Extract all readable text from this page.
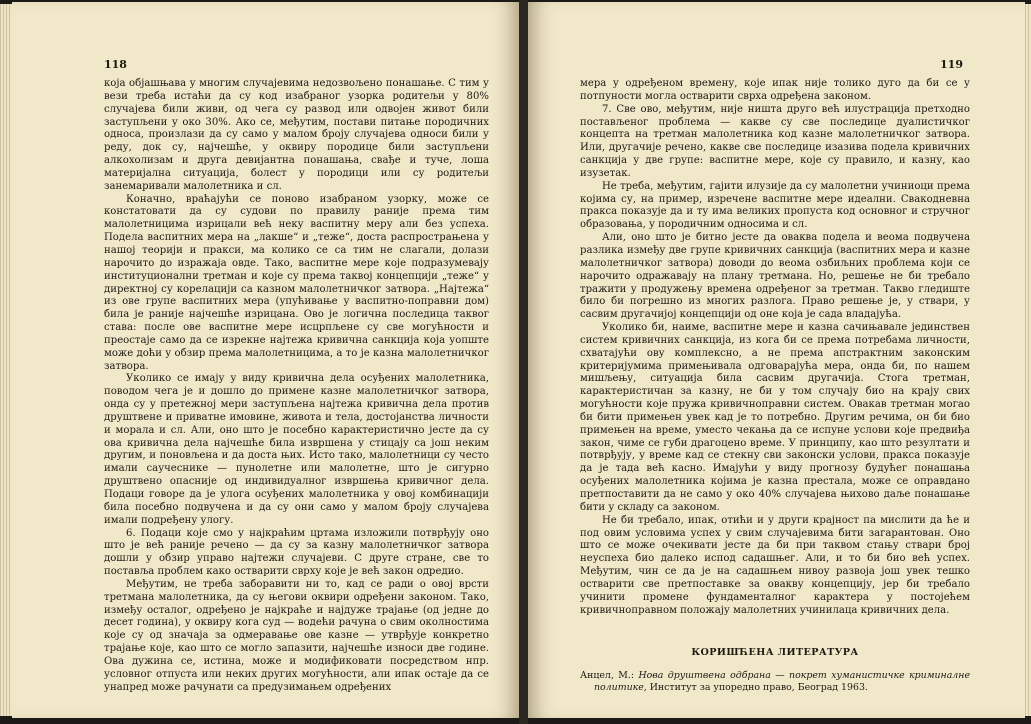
118

која објашњава у многим случајевима недозвољено понашање. С тим у вези треба истаћи да су код изабраног узорка родитељи у 80% случајева били живи, од чега су развод или одвојен живот били заступљени у око 30%. Ако се, међутим, постави питање породичних односа, произлази да су само у малом броју случајева односи били у реду, док су, најчешће, у оквиру породице били заступљени алкохолизам и друга девијантна понашања, свађе и туче, лоша материјална ситуација, болест у породици или су родитељи занемаривали малолетника и сл.

Коначно, враћајући се поново изабраном узорку, може се констатовати да су судови по правилу раније према тим малолетницима изрицали већ неку васпитну меру али без успеха. Подела васпитних мера на „лакше“ и „теже“, доста распрострањена у нашој теорији и пракси, ма колико се са тим не слагали, долази нарочито до изражаја овде. Тако, васпитне мере које подразумевају институционални третман и које су према таквој концепцији „теже“ у директној су корелацији са казном малолетничког затвора. „Најтежа“ из ове групе васпитних мера (упућивање у васпитно-поправни дом) била је раније најчешће изрицана. Ово је логична последица таквог става: после ове васпитне мере исцрпљене су све могућности и преостаје само да се изрекне најтежа кривична санкција која уопште може доћи у обзир према малолетницима, а то је казна малолетничког затвора.

Уколико се имају у виду кривична дела осуђених малолетника, поводом чега је и дошло до примене казне малолетничког затвора, онда су у претежној мери заступљена најтежа кривична дела против друштвене и приватне имовине, живота и тела, достојанства личности и морала и сл. Али, оно што је посебно карактеристично јесте да су ова кривична дела најчешће била извршена у стицају са још неким другим, и поновљена и да доста њих. Исто тако, малолетници су често имали саучеснике — пунолетне или малолетне, што је сигурно друштвено опасније од индивидуалног извршења кривичног дела. Подаци говоре да је улога осуђених малолетника у овој комбинацији била посебно подвучена и да су они само у малом броју случајева имали подређену улогу.

6. Подаци које смо у најкраћим цртама изложили потврђују оно што је већ раније речено — да су за казну малолетничког затвора дошли у обзир управо најтежи случајеви. С друге стране, све то поставља проблем како остварити сврху које је већ закон одредио.

Међутим, не треба заборавити ни то, кад се ради о овој врсти третмана малолетника, да су његови оквири одређени законом. Тако, између осталог, одређено је најкраће и најдуже трајање (од једне до десет година), у оквиру кога суд — водећи рачуна о свим околностима које су од значаја за одмеравање ове казне — утврђује конкретно трајање које, као што се могло запазити, најчешће износи две године. Ова дужина се, истина, може и модификовати посредством нпр. условног отпуста или неких других могућности, али ипак остаје да се унапред може рачунати са предузимањем одређених

119

мера у одређеном времену, које ипак није толико дуго да би се у потпуности могла остварити сврха одређена законом.

7. Све ово, међутим, није ништа друго већ илустрација претходно постављеног проблема — какве су све последице дуалистичког концепта на третман малолетника код казне малолетничког затвора. Или, другачије речено, какве све последице изазива подела кривичних санкција у две групе: васпитне мере, које су правило, и казну, као изузетак.

Не треба, међутим, гајити илузије да су малолетни учиниоци према којима су, на пример, изречене васпитне мере идеални. Свакодневна пракса показује да и ту има великих пропуста код основног и стручног образовања, у породичним односима и сл.

Али, оно што је битно јесте да оваква подела и веома подвучена разлика између две групе кривичних санкција (васпитних мера и казне малолетничког затвора) доводи до веома озбиљних проблема који се нарочито одражавају на плану третмана. Но, решење не би требало тражити у продужењу времена одређеног за третман. Такво гледиште било би погрешно из многих разлога. Право решење је, у ствари, у сасвим другачијој концепцији од оне која је сада владајућа.

Уколико би, наиме, васпитне мере и казна сачињавале јединствен систем кривичних санкција, из кога би се према потребама личности, схватајући ову комплексно, а не према апстрактним законским критеријумима примењивала одговарајућа мера, онда би, по нашем мишљењу, ситуација била сасвим другачија. Стога третман, карактеристичан за казну, не би у том случају био на крају свих могућности које пружа кривичноправни систем. Овакав третман могао би бити примењен увек кад је то потребно. Другим речима, он би био примењен на време, уместо чекања да се испуне услови које предвиђа закон, чиме се губи драгоцено време. У принципу, као што резултати и потврђују, у време кад се стекну сви законски услови, пракса показује да је тада већ касно. Имајући у виду прогнозу будућег понашања осуђених малолетника којима је казна престала, може се оправдано претпоставити да не само у око 40% случајева њихово даље понашање бити у складу са законом.

Не би требало, ипак, отићи и у други крајност па мислити да ће и под овим условима успех у свим случајевима бити загарантован. Оно што се може очекивати јесте да би при таквом стању ствари број неуспеха био далеко испод садашњег. Али, и то би био већ успех. Међутим, чин се да је на садашњем нивоу развоја још увек тешко остварити све претпоставке за овакву концепцију, јер би требало учинити промене фундаменталног карактера у постојећем кривичноправном положају малолетних учинилаца кривичних дела.

КОРИШЋЕНА ЛИТЕРАТУРА
Анцел, М.: Нова друштвена одбрана — покрет хуманистичке криминалне политике, Институт за упоредно право, Београд 1963.
